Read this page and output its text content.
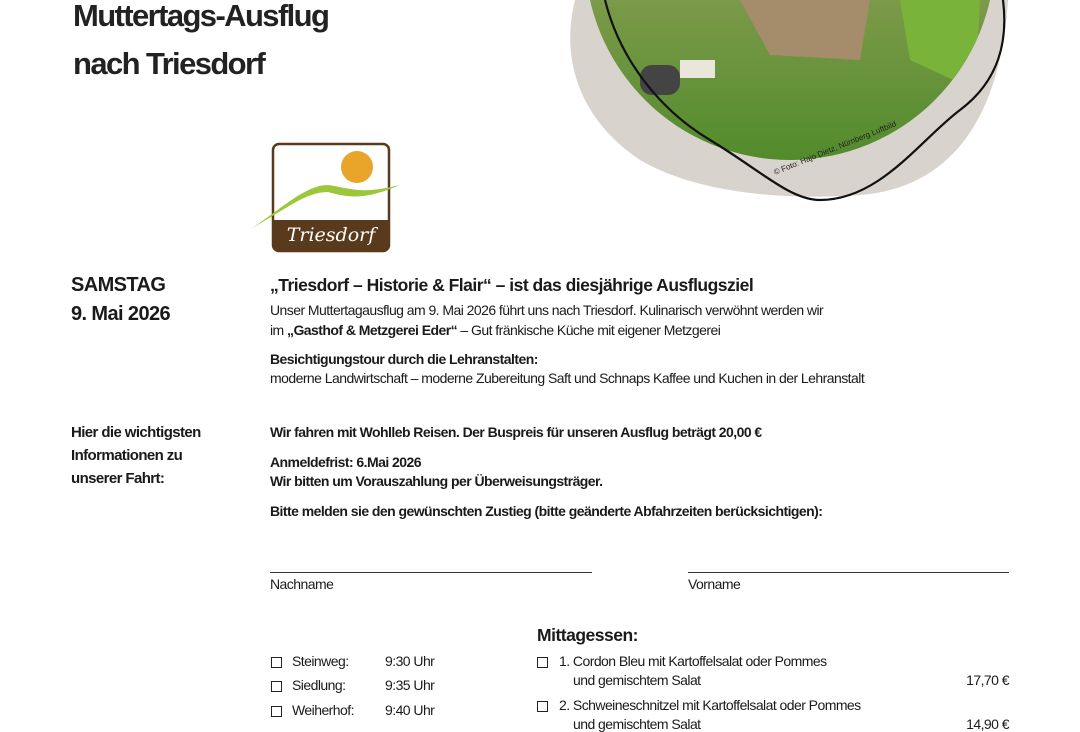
© Foto: Hajo Dietz, Nürnberg Luftbild
Muttertags-Ausflug
nach Triesdorf
Triesdorf
SAMSTAG
9. Mai 2026
„Triesdorf – Historie & Flair“ – ist das diesjährige Ausflugsziel
Unser Muttertagausflug am 9. Mai 2026 führt uns nach Triesdorf. Kulinarisch verwöhnt werden wir
im „Gasthof & Metzgerei Eder“ – Gut fränkische Küche mit eigener Metzgerei
Besichtigungstour durch die Lehranstalten:
moderne Landwirtschaft – moderne Zubereitung Saft und Schnaps Kaffee und Kuchen in der Lehranstalt
Hier die wichtigsten
Informationen zu
unserer Fahrt:
Wir fahren mit Wohlleb Reisen. Der Buspreis für unseren Ausflug beträgt 20,00 €
Anmeldefrist: 6.Mai 2026
Wir bitten um Vorauszahlung per Überweisungsträger.
Bitte melden sie den gewünschten Zustieg (bitte geänderte Abfahrzeiten berücksichtigen):
Nachname	Vorname
Steinweg:	9:30 Uhr
Siedlung:	9:35 Uhr
Weiherhof: 9:40 Uhr
Mittagessen:
1. Cordon Bleu mit Kartoffelsalat oder Pommes
und gemischtem Salat	17,70 €
2. Schweineschnitzel mit Kartoffelsalat oder Pommes
und gemischtem Salat	14,90 €
